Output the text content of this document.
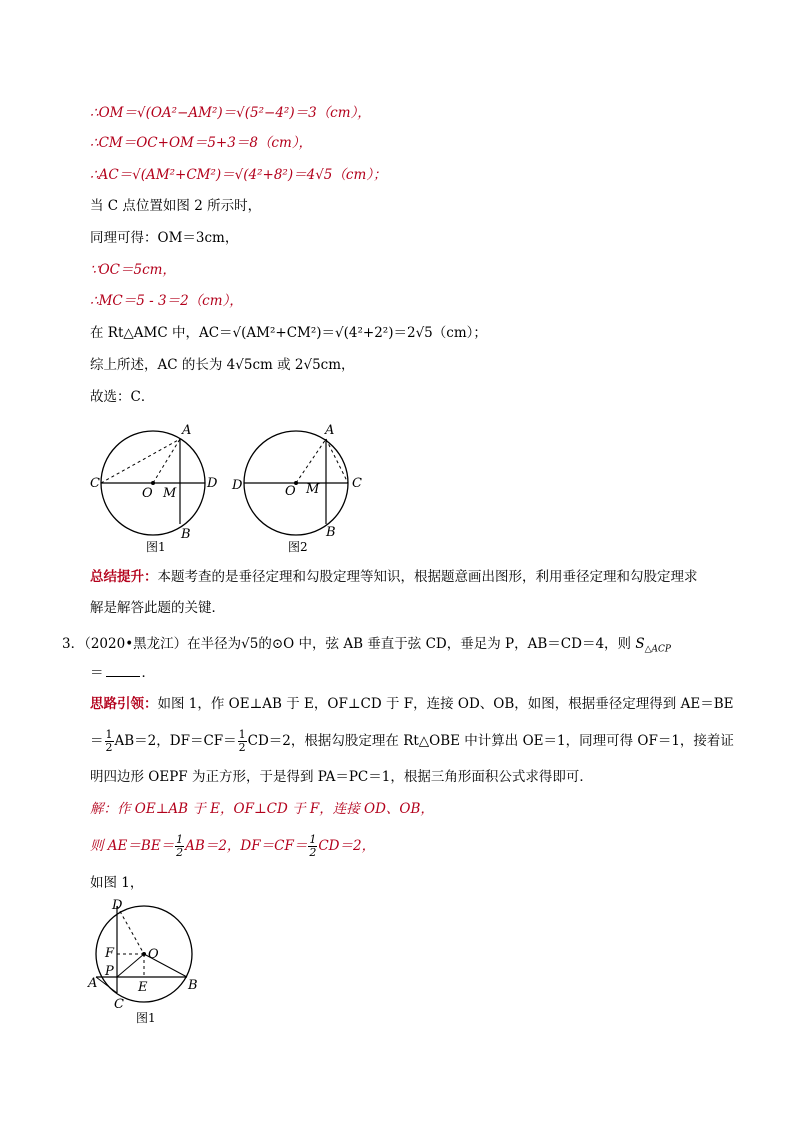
∴OM＝√(OA²−AM²)＝√(5²−4²)＝3（cm），
∴CM＝OC+OM＝5+3＝8（cm），
∴AC＝√(AM²+CM²)＝√(4²+8²)＝4√5（cm）；
当 C 点位置如图 2 所示时，
同理可得：OM＝3cm，
∵OC＝5cm，
∴MC＝5 - 3＝2（cm），
在 Rt△AMC 中，AC＝√(AM²+CM²)＝√(4²+2²)＝2√5（cm）；
综上所述，AC 的长为 4√5cm 或 2√5cm，
故选：C．
A
C	D
O M
B
图1
A
D	C
O M
B
图2
总结提升：本题考查的是垂径定理和勾股定理等知识，根据题意画出图形，利用垂径定理和勾股定理求
解是解答此题的关键．
3．（2020•黑龙江）在半径为√5的⊙O 中，弦 AB 垂直于弦 CD，垂足为 P，AB＝CD＝4，则 $S_{\triangle ACP}$
＝	．
思路引领：如图 1，作 OE⊥AB 于 E，OF⊥CD 于 F，连接 OD、OB，如图，根据垂径定理得到 AE＝BE
＝ $\frac{1}{2} AB=2$，$DF=CF= \frac{1}{2} CD=2$，根据勾股定理在 Rt△OBE 中计算出 OE＝1，同理可得 OF＝1，接着证
明四边形 OEPF 为正方形，于是得到 PA＝PC＝1，根据三角形面积公式求得即可．
解：作 OE⊥AB 于 E，OF⊥CD 于 F，连接 OD、OB，
则 $AE=BE= \frac{1}{2} AB=2$，$DF=CF= \frac{1}{2} CD=2$，
如图 1，
D
F	O
P
A	E	B
C
图1
